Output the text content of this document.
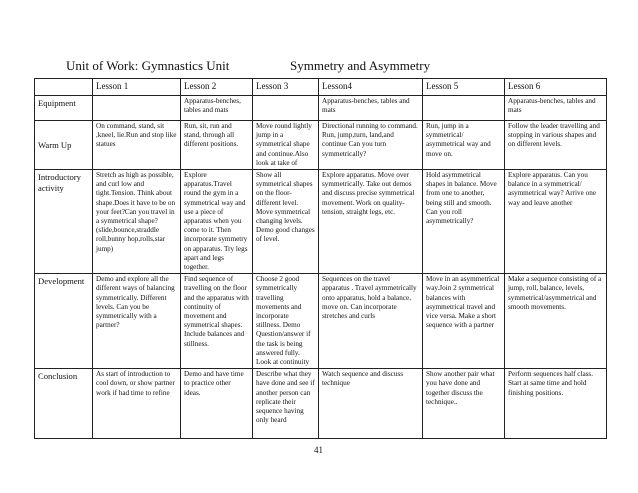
Unit of Work: Gymnastics Unit	Symmetry and Asymmetry
	Lesson 1	Lesson 2	Lesson 3	Lesson4	Lesson 5	Lesson 6
Equipment		Apparatus-benches, tables and mats		Apparatus-benches, tables and mats		Apparatus-benches, tables and mats
Warm Up	On command, stand, sit ,kneel, lie.Run and stop like statues	Run, sit, run and stand, through all different positions.	Move round lightly jump in a symmetrical shape and continue.Also look at take of	Directional running to command. Run, jump,turn, land,and continue Can you turn symmetrically?	Run, jump in a symmetrical/ asymmetrical way and move on.	Follow the leader travelling and stopping in various shapes and on different levels.
Introductory activity	Stretch as high as possible, and curl low and tight.Tension. Think about shape.Does it have to be on your feet?Can you travel in a symmetrical shape?(slide,bounce,straddle roll,bunny hop,rolls,star jump)	Explore apparatus.Travel round the gym in a symmetrical way and use a piece of apparatus when you come to it. Then incorporate symmetry on apparatus. Try legs apart and legs together.	Show all symmetrical shapes on the floor-different level. Move symmetrical changing levels. Demo good changes of level.	Explore apparatus. Move over symmetrically. Take out demos and discuss precise symmetrical movement. Work on quality-tension, straight legs, etc.	Hold asymmetrical shapes in balance. Move from one to another, being still and smooth. Can you roll asymmetrically?	Explore apparatus. Can you balance in a symmetrical/ asymmetrical way? Arrive one way and leave another
Development	Demo and explore all the different ways of balancing symmetrically. Different levels. Can you be symmetrically with a partner?	Find sequence of travelling on the floor and the apparatus with continuity of movement and symmetrical shapes. Include balances and stillness.	Choose 2 good symmetrically travelling movements and incorporate stillness. Demo Question/answer if the task is being answered fully. Look at continuity	Sequences on the travel apparatus . Travel aymmetrically onto apparatus, hold a balance, move on. Can incorporate stretches and curls	Move in an asymmetrical way.Join 2 symmetrical balances with asymmetrical travel and vice versa. Make a short sequence with a partner	Make a sequence consisting of a jump, roll, balance, levels, symmetrical/asymmetrical and smooth movements.
Conclusion	As start of introduction to cool down, or show partner work if had time to refine	Demo and have time to practice other ideas.	Describe what they have done and see if another person can replicate their sequence having only heard	Watch sequence and discuss technique	Show another pair what you have done and together discuss the technique..	Perform sequences half class. Start at same time and hold finishing positions.
41
